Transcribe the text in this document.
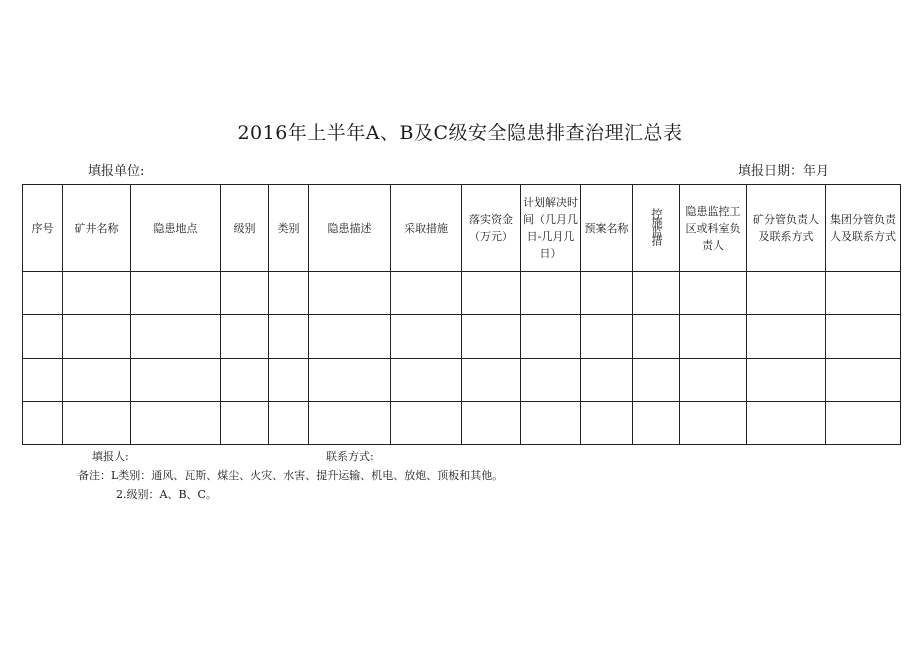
2016年上半年A、B及C级安全隐患排查治理汇总表
填报单位:	填报日期：年月
序号	矿井名称	隐患地点	级别	类别	隐患描述	采取措施	落实资金（万元）	计划解决时间（几月几日-几月几日）	预案名称	控施监措	隐患监控工区或科室负责人	矿分管负责人及联系方式	集团分管负责人及联系方式

填报人:	联系方式:
备注：L类别：通风、瓦斯、煤尘、火灾、水害、提升运输、机电、放炮、顶板和其他。
2.级别：A、B、C。
